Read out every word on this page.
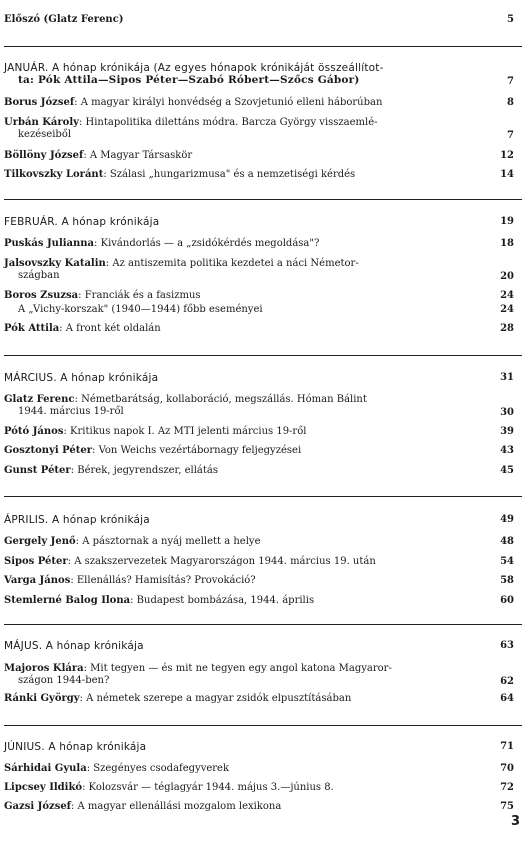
Előszó (Glatz Ferenc)	5
JANUÁR. A hónap krónikája (Az egyes hónapok krónikáját összeállítot-
ta: Pók Attila—Sipos Péter—Szabó Róbert—Szőcs Gábor)	7
Borus József: A magyar királyi honvédség a Szovjetunió elleni háborúban	8
Urbán Károly: Hintapolitika dilettáns módra. Barcza György visszaemlé-
kezéseiből	7
Böllöny József: A Magyar Társaskör	12
Tilkovszky Loránt: Szálasi „hungarizmusa" és a nemzetiségi kérdés	14
FEBRUÁR. A hónap krónikája	19
Puskás Julianna: Kivándorlás — a „zsidókérdés megoldása"?	18
Jalsovszky Katalin: Az antiszemita politika kezdetei a náci Németor-
szágban	20
Boros Zsuzsa: Franciák és a fasizmus	24
A „Vichy-korszak" (1940—1944) főbb eseményei	24
Pók Attila: A front két oldalán	28
MÁRCIUS. A hónap krónikája	31
Glatz Ferenc: Németbarátság, kollaboráció, megszállás. Hóman Bálint
1944. március 19-ről	30
Pótó János: Kritikus napok I. Az MTI jelenti március 19-ről	39
Gosztonyi Péter: Von Weichs vezértábornagy feljegyzései	43
Gunst Péter: Bérek, jegyrendszer, ellátás	45
ÁPRILIS. A hónap krónikája	49
Gergely Jenő: A pásztornak a nyáj mellett a helye	48
Sipos Péter: A szakszervezetek Magyarországon 1944. március 19. után	54
Varga János: Ellenállás? Hamisítás? Provokáció?	58
Stemlerné Balog Ilona: Budapest bombázása, 1944. április	60
MÁJUS. A hónap krónikája	63
Majoros Klára: Mit tegyen — és mit ne tegyen egy angol katona Magyaror-
szágon 1944-ben?	62
Ránki György: A németek szerepe a magyar zsidók elpusztításában	64
JÚNIUS. A hónap krónikája	71
Sárhidai Gyula: Szegényes csodafegyverek	70
Lipcsey Ildikó: Kolozsvár — téglagyár 1944. május 3.—június 8.	72
Gazsi József: A magyar ellenállási mozgalom lexikona	75
3
